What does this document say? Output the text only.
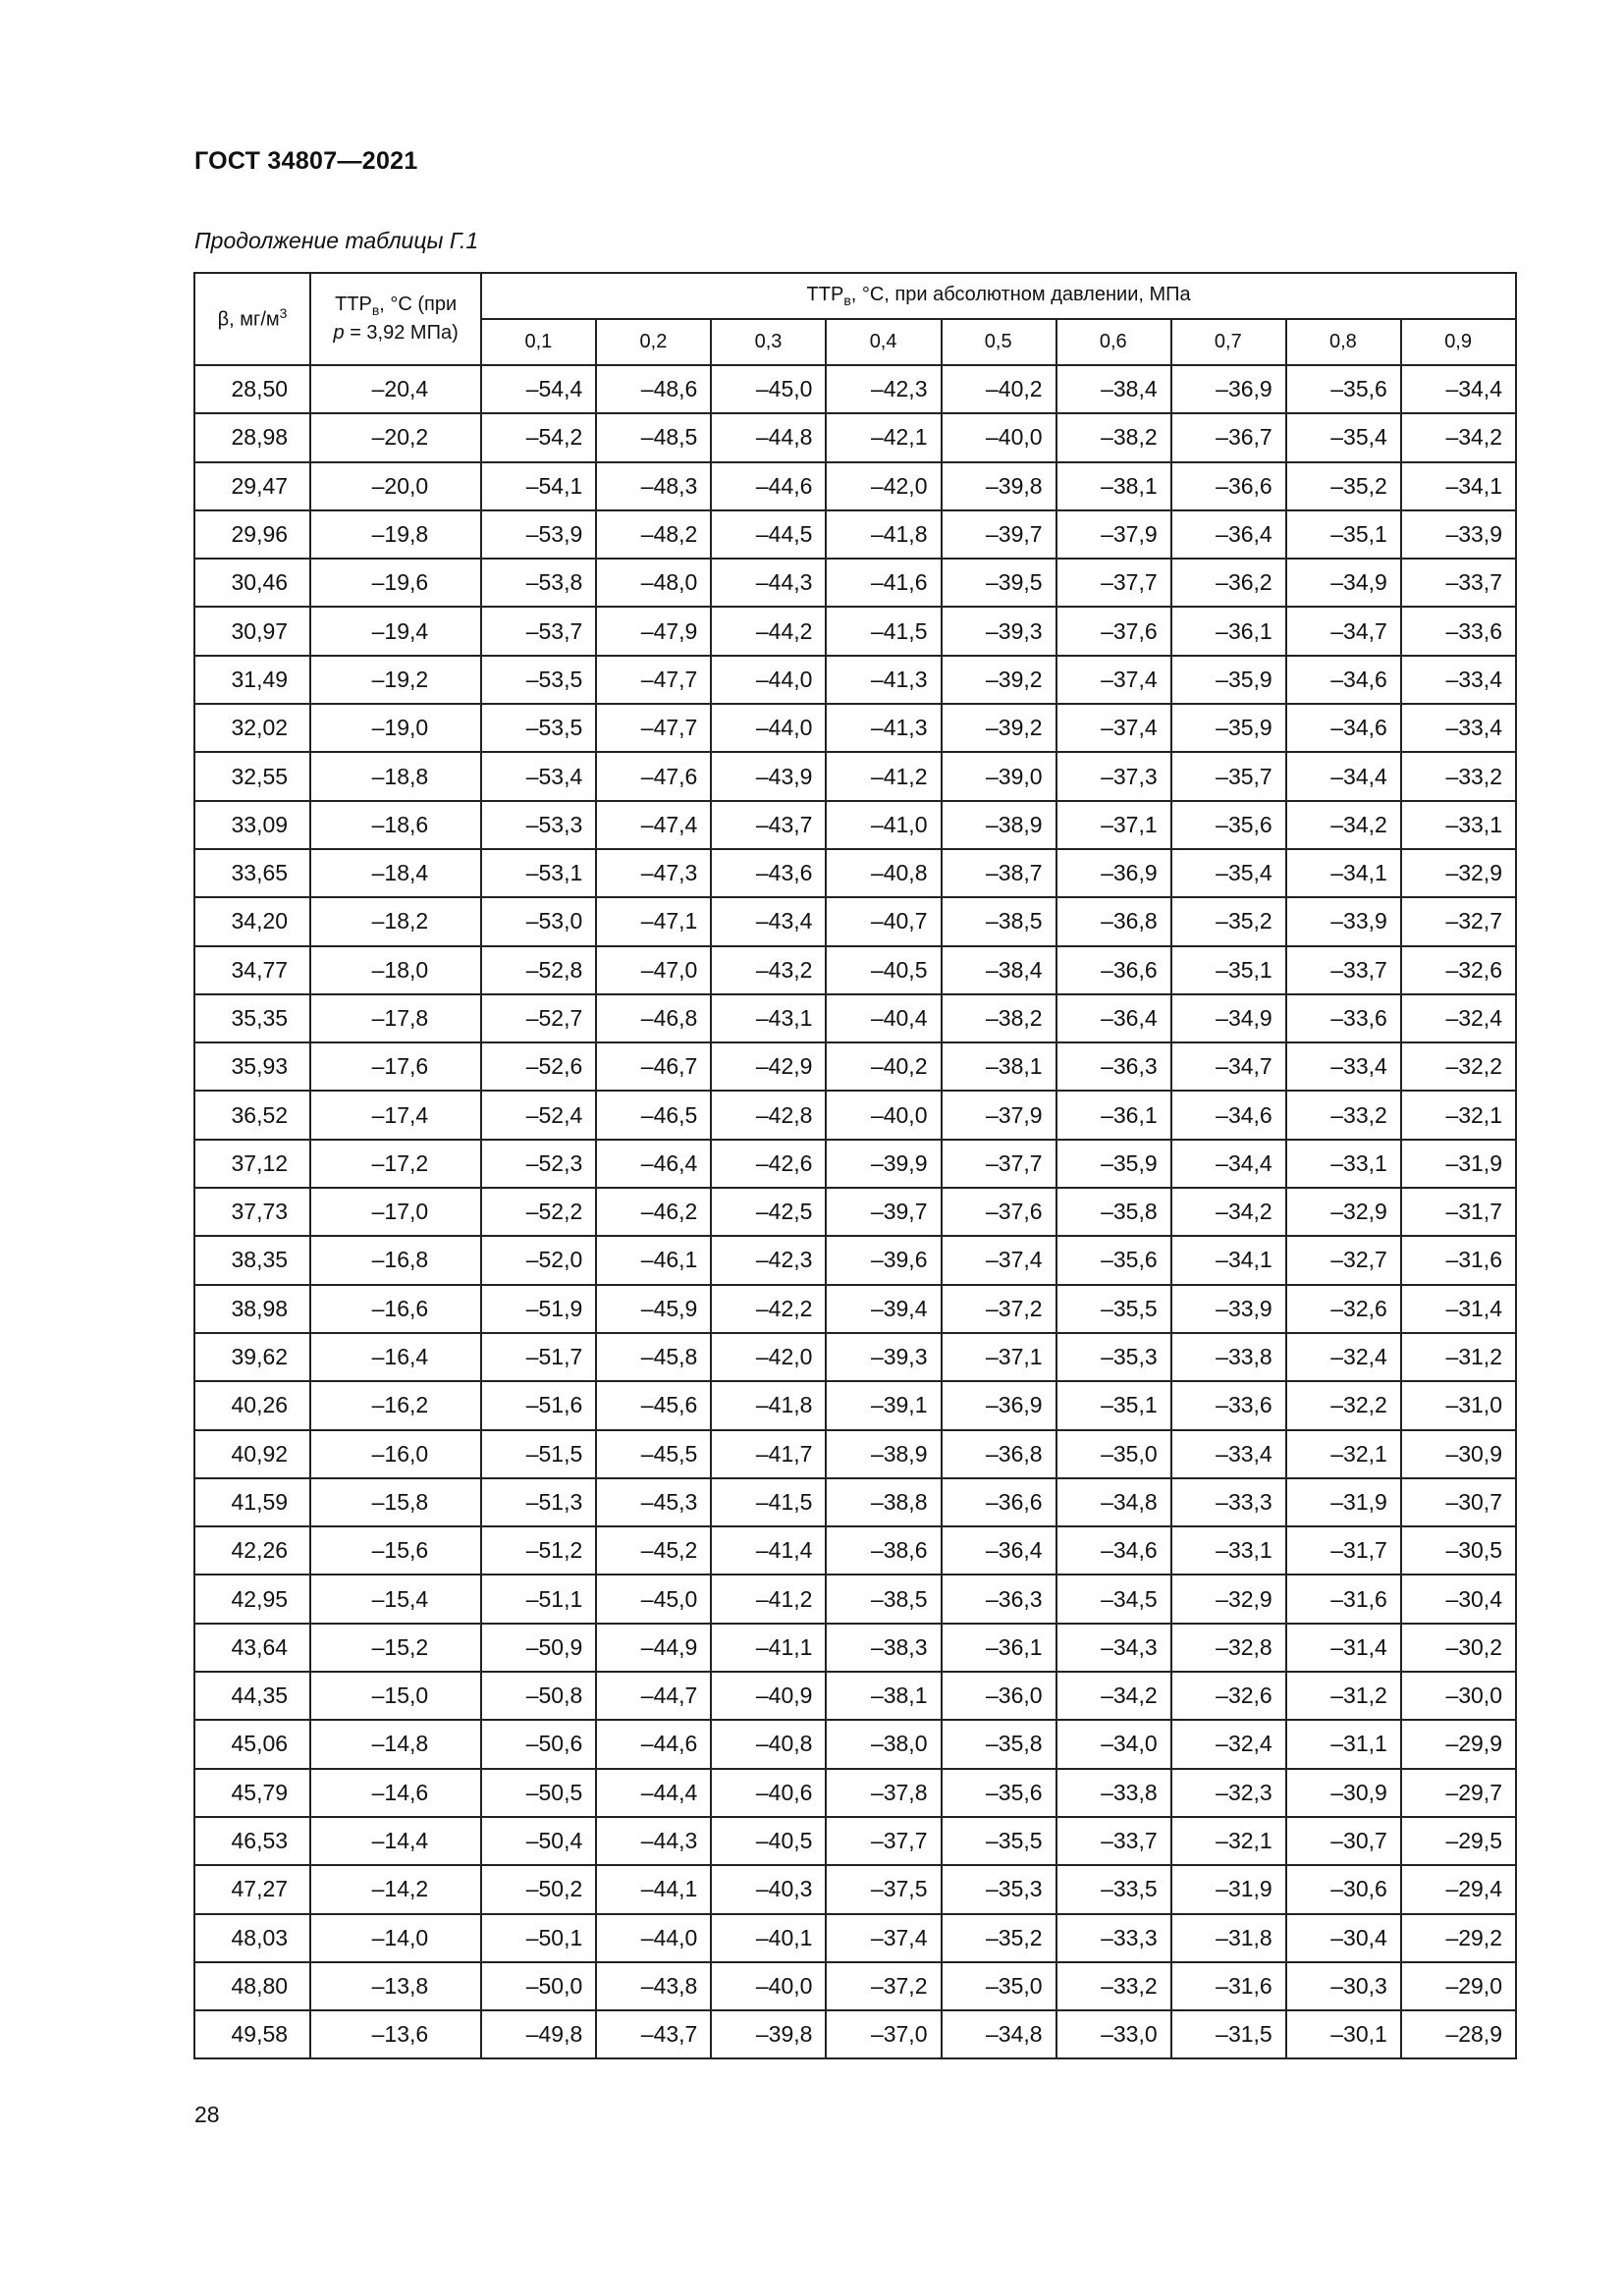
ГОСТ 34807—2021
Продолжение таблицы Г.1
β, $мг/м^3$	$ТТР_в$, °С (при
р = 3,92 МПа)	$ТТР_в$, °С, при абсолютном давлении, МПа								
		0,1	0,2	0,3	0,4	0,5	0,6	0,7	0,8	0,9
28,50	–20,4	–54,4	–48,6	–45,0	–42,3	–40,2	–38,4	–36,9	–35,6	–34,4
28,98	–20,2	–54,2	–48,5	–44,8	–42,1	–40,0	–38,2	–36,7	–35,4	–34,2
29,47	–20,0	–54,1	–48,3	–44,6	–42,0	–39,8	–38,1	–36,6	–35,2	–34,1
29,96	–19,8	–53,9	–48,2	–44,5	–41,8	–39,7	–37,9	–36,4	–35,1	–33,9
30,46	–19,6	–53,8	–48,0	–44,3	–41,6	–39,5	–37,7	–36,2	–34,9	–33,7
30,97	–19,4	–53,7	–47,9	–44,2	–41,5	–39,3	–37,6	–36,1	–34,7	–33,6
31,49	–19,2	–53,5	–47,7	–44,0	–41,3	–39,2	–37,4	–35,9	–34,6	–33,4
32,02	–19,0	–53,5	–47,7	–44,0	–41,3	–39,2	–37,4	–35,9	–34,6	–33,4
32,55	–18,8	–53,4	–47,6	–43,9	–41,2	–39,0	–37,3	–35,7	–34,4	–33,2
33,09	–18,6	–53,3	–47,4	–43,7	–41,0	–38,9	–37,1	–35,6	–34,2	–33,1
33,65	–18,4	–53,1	–47,3	–43,6	–40,8	–38,7	–36,9	–35,4	–34,1	–32,9
34,20	–18,2	–53,0	–47,1	–43,4	–40,7	–38,5	–36,8	–35,2	–33,9	–32,7
34,77	–18,0	–52,8	–47,0	–43,2	–40,5	–38,4	–36,6	–35,1	–33,7	–32,6
35,35	–17,8	–52,7	–46,8	–43,1	–40,4	–38,2	–36,4	–34,9	–33,6	–32,4
35,93	–17,6	–52,6	–46,7	–42,9	–40,2	–38,1	–36,3	–34,7	–33,4	–32,2
36,52	–17,4	–52,4	–46,5	–42,8	–40,0	–37,9	–36,1	–34,6	–33,2	–32,1
37,12	–17,2	–52,3	–46,4	–42,6	–39,9	–37,7	–35,9	–34,4	–33,1	–31,9
37,73	–17,0	–52,2	–46,2	–42,5	–39,7	–37,6	–35,8	–34,2	–32,9	–31,7
38,35	–16,8	–52,0	–46,1	–42,3	–39,6	–37,4	–35,6	–34,1	–32,7	–31,6
38,98	–16,6	–51,9	–45,9	–42,2	–39,4	–37,2	–35,5	–33,9	–32,6	–31,4
39,62	–16,4	–51,7	–45,8	–42,0	–39,3	–37,1	–35,3	–33,8	–32,4	–31,2
40,26	–16,2	–51,6	–45,6	–41,8	–39,1	–36,9	–35,1	–33,6	–32,2	–31,0
40,92	–16,0	–51,5	–45,5	–41,7	–38,9	–36,8	–35,0	–33,4	–32,1	–30,9
41,59	–15,8	–51,3	–45,3	–41,5	–38,8	–36,6	–34,8	–33,3	–31,9	–30,7
42,26	–15,6	–51,2	–45,2	–41,4	–38,6	–36,4	–34,6	–33,1	–31,7	–30,5
42,95	–15,4	–51,1	–45,0	–41,2	–38,5	–36,3	–34,5	–32,9	–31,6	–30,4
43,64	–15,2	–50,9	–44,9	–41,1	–38,3	–36,1	–34,3	–32,8	–31,4	–30,2
44,35	–15,0	–50,8	–44,7	–40,9	–38,1	–36,0	–34,2	–32,6	–31,2	–30,0
45,06	–14,8	–50,6	–44,6	–40,8	–38,0	–35,8	–34,0	–32,4	–31,1	–29,9
45,79	–14,6	–50,5	–44,4	–40,6	–37,8	–35,6	–33,8	–32,3	–30,9	–29,7
46,53	–14,4	–50,4	–44,3	–40,5	–37,7	–35,5	–33,7	–32,1	–30,7	–29,5
47,27	–14,2	–50,2	–44,1	–40,3	–37,5	–35,3	–33,5	–31,9	–30,6	–29,4
48,03	–14,0	–50,1	–44,0	–40,1	–37,4	–35,2	–33,3	–31,8	–30,4	–29,2
48,80	–13,8	–50,0	–43,8	–40,0	–37,2	–35,0	–33,2	–31,6	–30,3	–29,0
49,58	–13,6	–49,8	–43,7	–39,8	–37,0	–34,8	–33,0	–31,5	–30,1	–28,9
28
